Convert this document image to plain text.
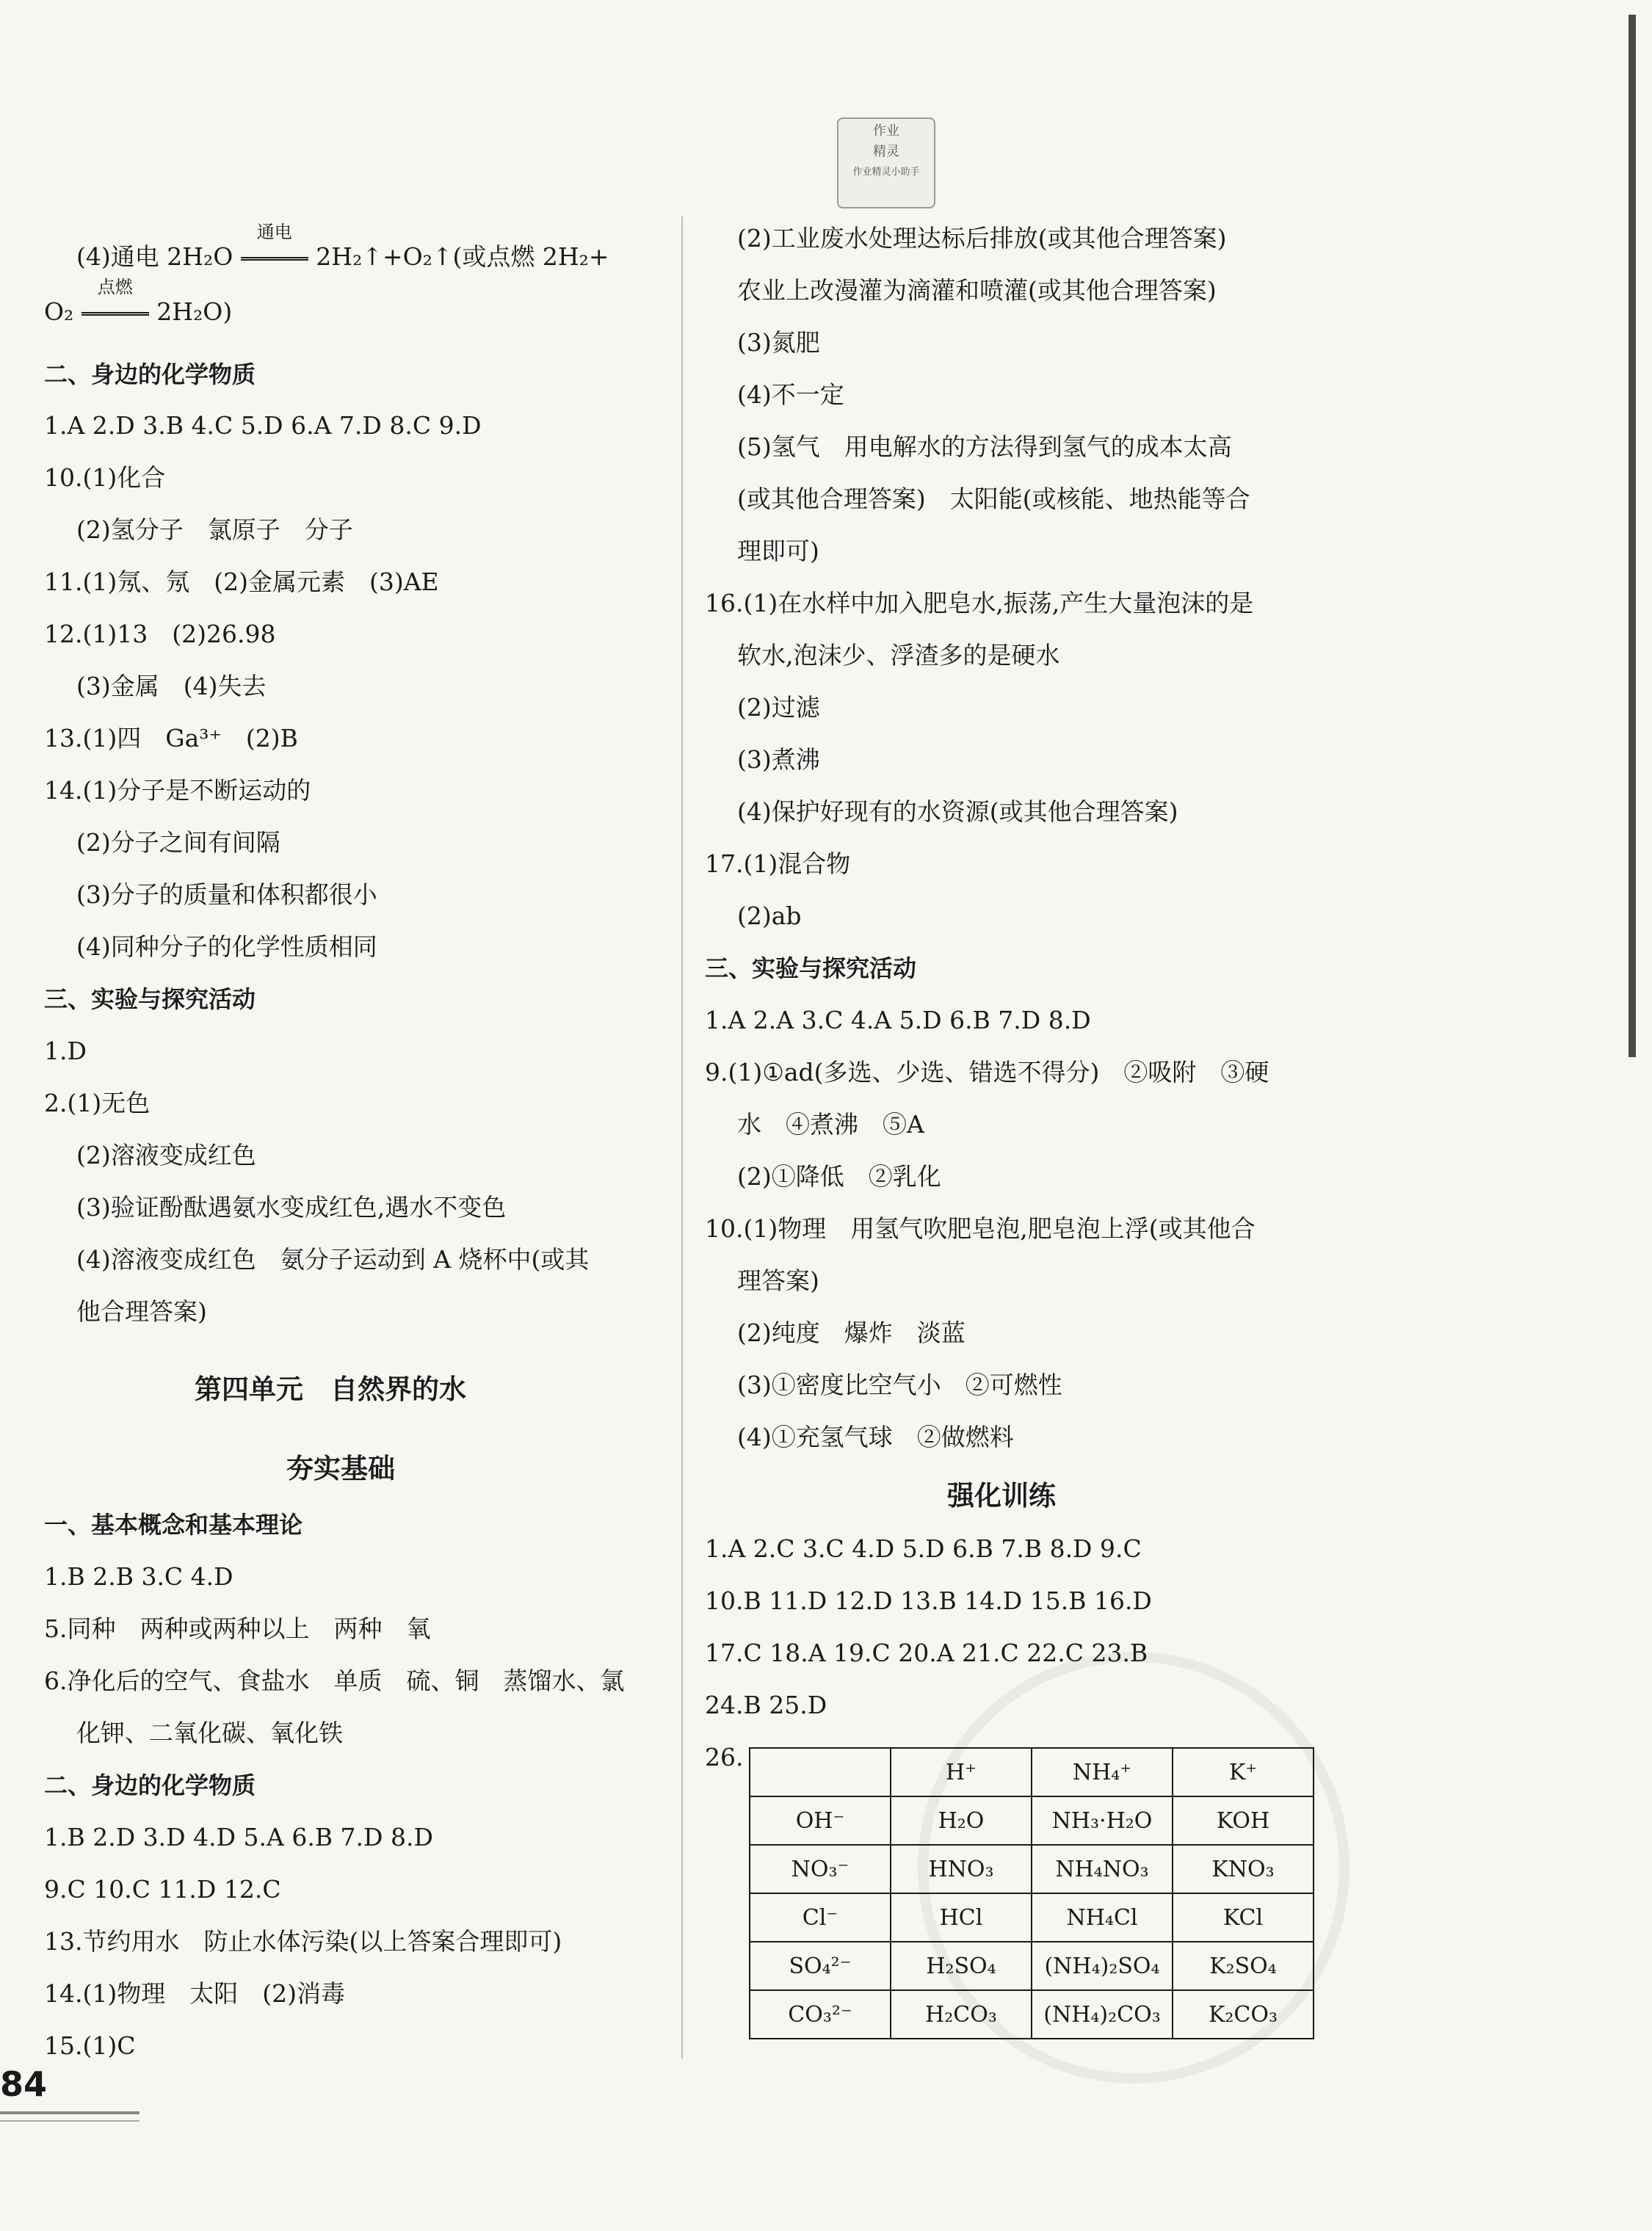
作业
精灵
作业精灵小助手
(4)通电 2H₂O
通电
2H₂↑+O₂↑(或点燃 2H₂+
O₂
点燃
2H₂O)
二、身边的化学物质
1.A 2.D 3.B 4.C 5.D 6.A 7.D 8.C 9.D
10.(1)化合
(2)氢分子　氯原子　分子
11.(1)氖、氖　(2)金属元素　(3)AE
12.(1)13　(2)26.98
(3)金属　(4)失去
13.(1)四　Ga³⁺　(2)B
14.(1)分子是不断运动的
(2)分子之间有间隔
(3)分子的质量和体积都很小
(4)同种分子的化学性质相同
三、实验与探究活动
1.D
2.(1)无色
(2)溶液变成红色
(3)验证酚酞遇氨水变成红色,遇水不变色
(4)溶液变成红色　氨分子运动到 A 烧杯中(或其
他合理答案)
第四单元　自然界的水
夯实基础
一、基本概念和基本理论
1.B 2.B 3.C 4.D
5.同种　两种或两种以上　两种　氧
6.净化后的空气、食盐水　单质　硫、铜　蒸馏水、氯
化钾、二氧化碳、氧化铁
二、身边的化学物质
1.B 2.D 3.D 4.D 5.A 6.B 7.D 8.D
9.C 10.C 11.D 12.C
13.节约用水　防止水体污染(以上答案合理即可)
14.(1)物理　太阳　(2)消毒
15.(1)C
(2)工业废水处理达标后排放(或其他合理答案)
农业上改漫灌为滴灌和喷灌(或其他合理答案)
(3)氮肥
(4)不一定
(5)氢气　用电解水的方法得到氢气的成本太高
(或其他合理答案)　太阳能(或核能、地热能等合
理即可)
16.(1)在水样中加入肥皂水,振荡,产生大量泡沫的是
软水,泡沫少、浮渣多的是硬水
(2)过滤
(3)煮沸
(4)保护好现有的水资源(或其他合理答案)
17.(1)混合物
(2)ab
三、实验与探究活动
1.A 2.A 3.C 4.A 5.D 6.B 7.D 8.D
9.(1)①ad(多选、少选、错选不得分)　②吸附　③硬
水　④煮沸　⑤A
(2)①降低　②乳化
10.(1)物理　用氢气吹肥皂泡,肥皂泡上浮(或其他合
理答案)
(2)纯度　爆炸　淡蓝
(3)①密度比空气小　②可燃性
(4)①充氢气球　②做燃料
强化训练
1.A 2.C 3.C 4.D 5.D 6.B 7.B 8.D 9.C
10.B 11.D 12.D 13.B 14.D 15.B 16.D
17.C 18.A 19.C 20.A 21.C 22.C 23.B
24.B 25.D
26.
	H⁺	NH₄⁺	K⁺
OH⁻	H₂O	NH₃·H₂O	KOH
NO₃⁻	HNO₃	NH₄NO₃	KNO₃
Cl⁻	HCl	NH₄Cl	KCl
SO₄²⁻	H₂SO₄	(NH₄)₂SO₄	K₂SO₄
CO₃²⁻	H₂CO₃	(NH₄)₂CO₃	K₂CO₃
84
